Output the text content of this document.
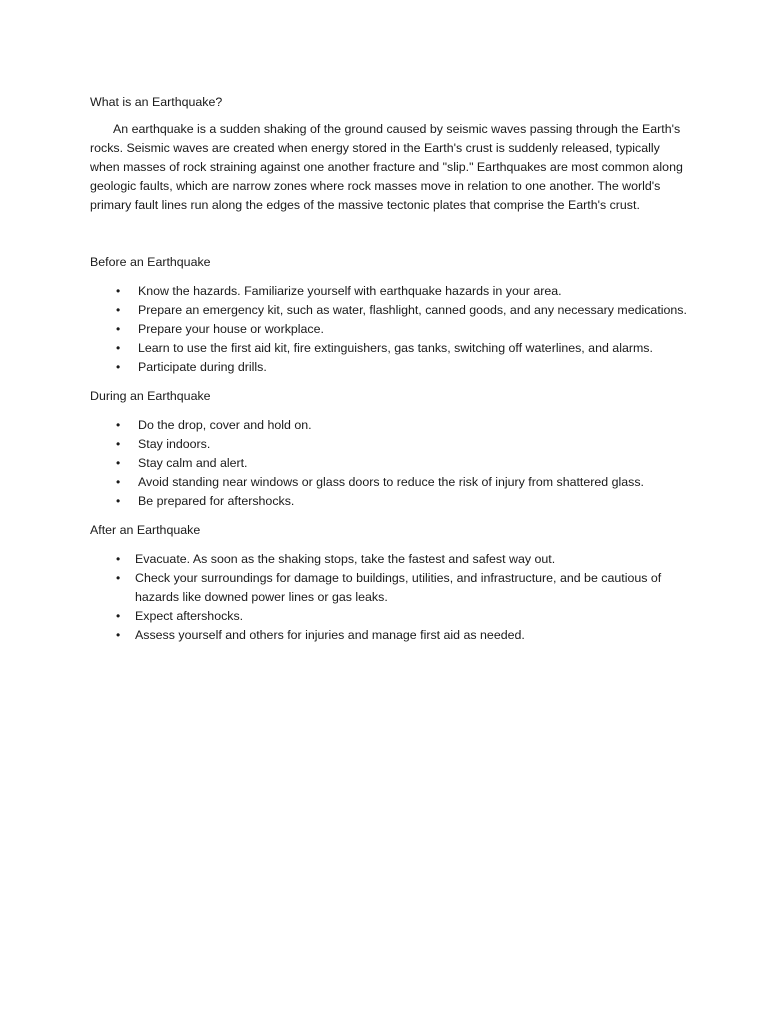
What is an Earthquake?

An earthquake is a sudden shaking of the ground caused by seismic waves passing through the Earth's rocks. Seismic waves are created when energy stored in the Earth's crust is suddenly released, typically when masses of rock straining against one another fracture and "slip." Earthquakes are most common along geologic faults, which are narrow zones where rock masses move in relation to one another. The world's primary fault lines run along the edges of the massive tectonic plates that comprise the Earth's crust.

Before an Earthquake

• Know the hazards. Familiarize yourself with earthquake hazards in your area.
• Prepare an emergency kit, such as water, flashlight, canned goods, and any necessary medications.
• Prepare your house or workplace.
• Learn to use the first aid kit, fire extinguishers, gas tanks, switching off waterlines, and alarms.
• Participate during drills.

During an Earthquake

• Do the drop, cover and hold on.
• Stay indoors.
• Stay calm and alert.
• Avoid standing near windows or glass doors to reduce the risk of injury from shattered glass.
• Be prepared for aftershocks.

After an Earthquake

• Evacuate. As soon as the shaking stops, take the fastest and safest way out.
• Check your surroundings for damage to buildings, utilities, and infrastructure, and be cautious of hazards like downed power lines or gas leaks.
• Expect aftershocks.
• Assess yourself and others for injuries and manage first aid as needed.
